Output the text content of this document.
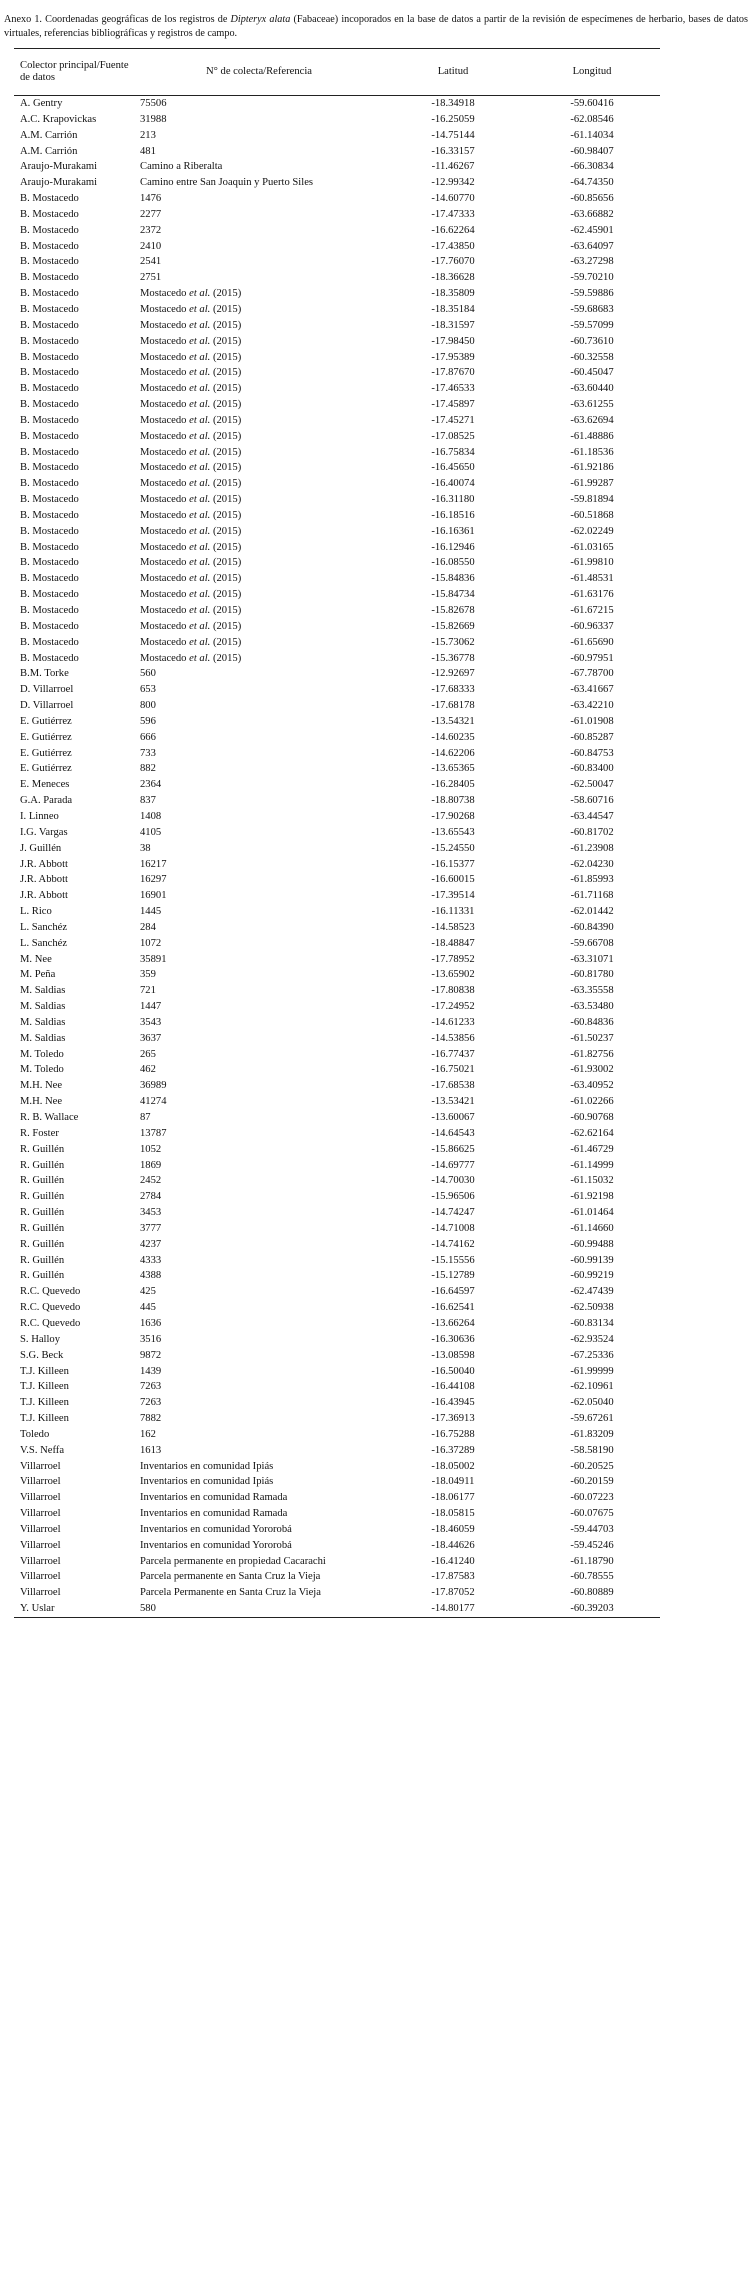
Anexo 1. Coordenadas geográficas de los registros de Dipteryx alata (Fabaceae) incoporados en la base de datos a partir de la revisión de especímenes de herbario, bases de datos virtuales, referencias bibliográficas y registros de campo.

Colector principal/Fuente de datos	N° de colecta/Referencia	Latitud	Longitud
A. Gentry	75506	-18.34918	-59.60416
A.C. Krapovickas	31988	-16.25059	-62.08546
A.M. Carrión	213	-14.75144	-61.14034
A.M. Carrión	481	-16.33157	-60.98407
Araujo-Murakami	Camino a Riberalta	-11.46267	-66.30834
Araujo-Murakami	Camino entre San Joaquin y Puerto Siles	-12.99342	-64.74350
B. Mostacedo	1476	-14.60770	-60.85656
B. Mostacedo	2277	-17.47333	-63.66882
B. Mostacedo	2372	-16.62264	-62.45901
B. Mostacedo	2410	-17.43850	-63.64097
B. Mostacedo	2541	-17.76070	-63.27298
B. Mostacedo	2751	-18.36628	-59.70210
B. Mostacedo	Mostacedo et al. (2015)	-18.35809	-59.59886
B. Mostacedo	Mostacedo et al. (2015)	-18.35184	-59.68683
B. Mostacedo	Mostacedo et al. (2015)	-18.31597	-59.57099
B. Mostacedo	Mostacedo et al. (2015)	-17.98450	-60.73610
B. Mostacedo	Mostacedo et al. (2015)	-17.95389	-60.32558
B. Mostacedo	Mostacedo et al. (2015)	-17.87670	-60.45047
B. Mostacedo	Mostacedo et al. (2015)	-17.46533	-63.60440
B. Mostacedo	Mostacedo et al. (2015)	-17.45897	-63.61255
B. Mostacedo	Mostacedo et al. (2015)	-17.45271	-63.62694
B. Mostacedo	Mostacedo et al. (2015)	-17.08525	-61.48886
B. Mostacedo	Mostacedo et al. (2015)	-16.75834	-61.18536
B. Mostacedo	Mostacedo et al. (2015)	-16.45650	-61.92186
B. Mostacedo	Mostacedo et al. (2015)	-16.40074	-61.99287
B. Mostacedo	Mostacedo et al. (2015)	-16.31180	-59.81894
B. Mostacedo	Mostacedo et al. (2015)	-16.18516	-60.51868
B. Mostacedo	Mostacedo et al. (2015)	-16.16361	-62.02249
B. Mostacedo	Mostacedo et al. (2015)	-16.12946	-61.03165
B. Mostacedo	Mostacedo et al. (2015)	-16.08550	-61.99810
B. Mostacedo	Mostacedo et al. (2015)	-15.84836	-61.48531
B. Mostacedo	Mostacedo et al. (2015)	-15.84734	-61.63176
B. Mostacedo	Mostacedo et al. (2015)	-15.82678	-61.67215
B. Mostacedo	Mostacedo et al. (2015)	-15.82669	-60.96337
B. Mostacedo	Mostacedo et al. (2015)	-15.73062	-61.65690
B. Mostacedo	Mostacedo et al. (2015)	-15.36778	-60.97951
B.M. Torke	560	-12.92697	-67.78700
D. Villarroel	653	-17.68333	-63.41667
D. Villarroel	800	-17.68178	-63.42210
E. Gutiérrez	596	-13.54321	-61.01908
E. Gutiérrez	666	-14.60235	-60.85287
E. Gutiérrez	733	-14.62206	-60.84753
E. Gutiérrez	882	-13.65365	-60.83400
E. Meneces	2364	-16.28405	-62.50047
G.A. Parada	837	-18.80738	-58.60716
I. Linneo	1408	-17.90268	-63.44547
I.G. Vargas	4105	-13.65543	-60.81702
J. Guillén	38	-15.24550	-61.23908
J.R. Abbott	16217	-16.15377	-62.04230
J.R. Abbott	16297	-16.60015	-61.85993
J.R. Abbott	16901	-17.39514	-61.71168
L. Rico	1445	-16.11331	-62.01442
L. Sanchéz	284	-14.58523	-60.84390
L. Sanchéz	1072	-18.48847	-59.66708
M. Nee	35891	-17.78952	-63.31071
M. Peña	359	-13.65902	-60.81780
M. Saldias	721	-17.80838	-63.35558
M. Saldias	1447	-17.24952	-63.53480
M. Saldias	3543	-14.61233	-60.84836
M. Saldias	3637	-14.53856	-61.50237
M. Toledo	265	-16.77437	-61.82756
M. Toledo	462	-16.75021	-61.93002
M.H. Nee	36989	-17.68538	-63.40952
M.H. Nee	41274	-13.53421	-61.02266
R. B. Wallace	87	-13.60067	-60.90768
R. Foster	13787	-14.64543	-62.62164
R. Guillén	1052	-15.86625	-61.46729
R. Guillén	1869	-14.69777	-61.14999
R. Guillén	2452	-14.70030	-61.15032
R. Guillén	2784	-15.96506	-61.92198
R. Guillén	3453	-14.74247	-61.01464
R. Guillén	3777	-14.71008	-61.14660
R. Guillén	4237	-14.74162	-60.99488
R. Guillén	4333	-15.15556	-60.99139
R. Guillén	4388	-15.12789	-60.99219
R.C. Quevedo	425	-16.64597	-62.47439
R.C. Quevedo	445	-16.62541	-62.50938
R.C. Quevedo	1636	-13.66264	-60.83134
S. Halloy	3516	-16.30636	-62.93524
S.G. Beck	9872	-13.08598	-67.25336
T.J. Killeen	1439	-16.50040	-61.99999
T.J. Killeen	7263	-16.44108	-62.10961
T.J. Killeen	7263	-16.43945	-62.05040
T.J. Killeen	7882	-17.36913	-59.67261
Toledo	162	-16.75288	-61.83209
V.S. Neffa	1613	-16.37289	-58.58190
Villarroel	Inventarios en comunidad Ipiás	-18.05002	-60.20525
Villarroel	Inventarios en comunidad Ipiás	-18.04911	-60.20159
Villarroel	Inventarios en comunidad Ramada	-18.06177	-60.07223
Villarroel	Inventarios en comunidad Ramada	-18.05815	-60.07675
Villarroel	Inventarios en comunidad Yororobá	-18.46059	-59.44703
Villarroel	Inventarios en comunidad Yororobá	-18.44626	-59.45246
Villarroel	Parcela permanente en propiedad Cacarachi	-16.41240	-61.18790
Villarroel	Parcela permanente en Santa Cruz la Vieja	-17.87583	-60.78555
Villarroel	Parcela Permanente en Santa Cruz la Vieja	-17.87052	-60.80889
Y. Uslar	580	-14.80177	-60.39203
